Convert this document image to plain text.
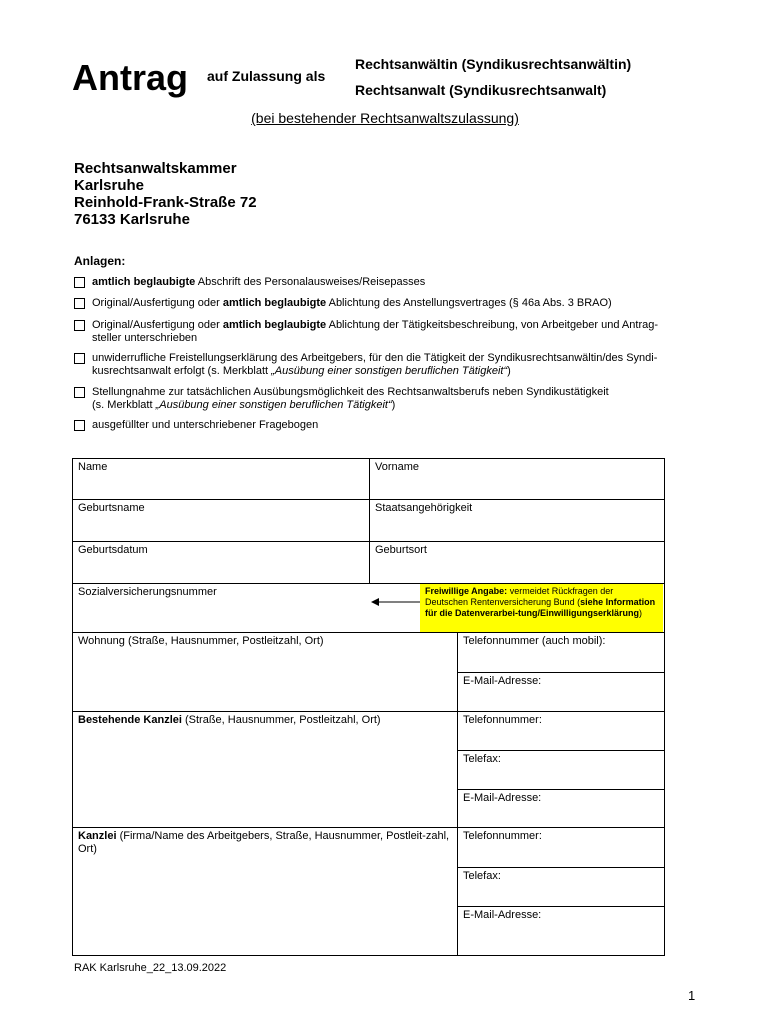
Antrag auf Zulassung als
Rechtsanwältin (Syndikusrechtsanwältin)
Rechtsanwalt (Syndikusrechtsanwalt)
(bei bestehender Rechtsanwaltszulassung)
Rechtsanwaltskammer
Karlsruhe
Reinhold-Frank-Straße 72
76133 Karlsruhe
Anlagen:
amtlich beglaubigte Abschrift des Personalausweises/Reisepasses
Original/Ausfertigung oder amtlich beglaubigte Ablichtung des Anstellungsvertrages (§ 46a Abs. 3 BRAO)
Original/Ausfertigung oder amtlich beglaubigte Ablichtung der Tätigkeitsbeschreibung, von Arbeitgeber und Antrag-
steller unterschrieben
unwiderrufliche Freistellungserklärung des Arbeitgebers, für den die Tätigkeit der Syndikusrechtsanwältin/des Syndi-
kusrechtsanwalt erfolgt (s. Merkblatt „Ausübung einer sonstigen beruflichen Tätigkeit“)
Stellungnahme zur tatsächlichen Ausübungsmöglichkeit des Rechtsanwaltsberufs neben Syndikustätigkeit
(s. Merkblatt „Ausübung einer sonstigen beruflichen Tätigkeit“)
ausgefüllter und unterschriebener Fragebogen
Name	Vorname
Geburtsname	Staatsangehörigkeit
Geburtsdatum	Geburtsort
Sozialversicherungsnummer	Freiwillige Angabe: vermeidet Rückfragen der Deutschen Rentenversicherung Bund (siehe Information für die Datenverarbei-tung/Einwilligungserklärung)
Wohnung (Straße, Hausnummer, Postleitzahl, Ort)	Telefonnummer (auch mobil):
E-Mail-Adresse:
Bestehende Kanzlei (Straße, Hausnummer, Postleitzahl, Ort)	Telefonnummer:
Telefax:
E-Mail-Adresse:
Kanzlei (Firma/Name des Arbeitgebers, Straße, Hausnummer, Postleit-zahl, Ort)
Telefonnummer:
Telefax:
E-Mail-Adresse:
RAK Karlsruhe_22_13.09.2022
1
